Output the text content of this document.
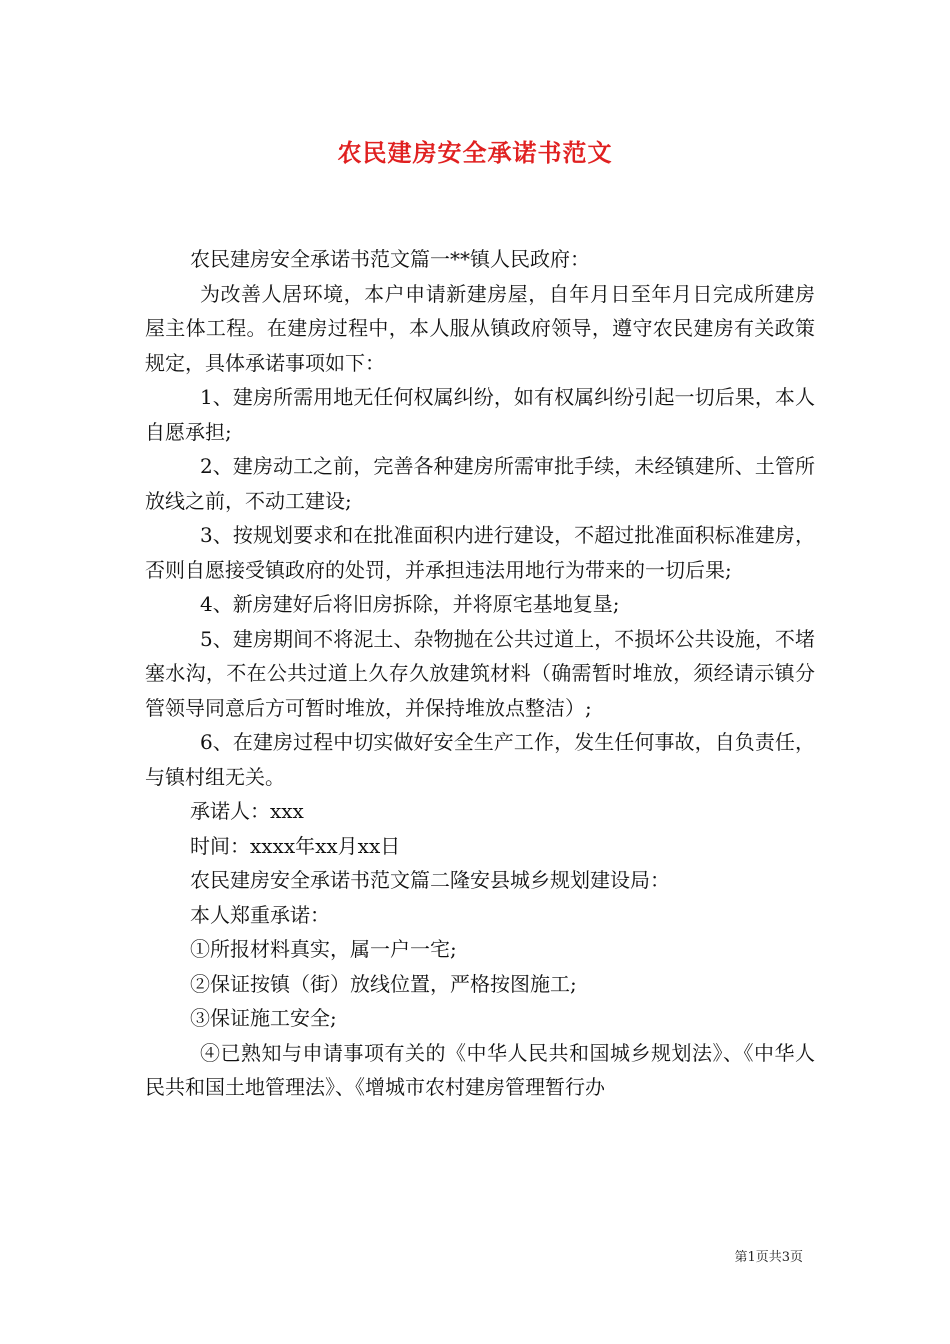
农民建房安全承诺书范文

农民建房安全承诺书范文篇一**镇人民政府：

为改善人居环境，本户申请新建房屋，自年月日至年月日完成所建房屋主体工程。在建房过程中，本人服从镇政府领导，遵守农民建房有关政策规定，具体承诺事项如下：

1、建房所需用地无任何权属纠纷，如有权属纠纷引起一切后果，本人自愿承担;

2、建房动工之前，完善各种建房所需审批手续，未经镇建所、土管所放线之前，不动工建设;

3、按规划要求和在批准面积内进行建设，不超过批准面积标准建房，否则自愿接受镇政府的处罚，并承担违法用地行为带来的一切后果;

4、新房建好后将旧房拆除，并将原宅基地复垦;

5、建房期间不将泥土、杂物抛在公共过道上，不损坏公共设施，不堵塞水沟，不在公共过道上久存久放建筑材料（确需暂时堆放，须经请示镇分管领导同意后方可暂时堆放，并保持堆放点整洁）;

6、在建房过程中切实做好安全生产工作，发生任何事故，自负责任，与镇村组无关。

承诺人：xxx

时间：xxxx年xx月xx日

农民建房安全承诺书范文篇二隆安县城乡规划建设局：

本人郑重承诺：

①所报材料真实，属一户一宅;

②保证按镇（街）放线位置，严格按图施工;

③保证施工安全;

④已熟知与申请事项有关的《中华人民共和国城乡规划法》、《中华人民共和国土地管理法》、《增城市农村建房管理暂行办

第1页共3页
